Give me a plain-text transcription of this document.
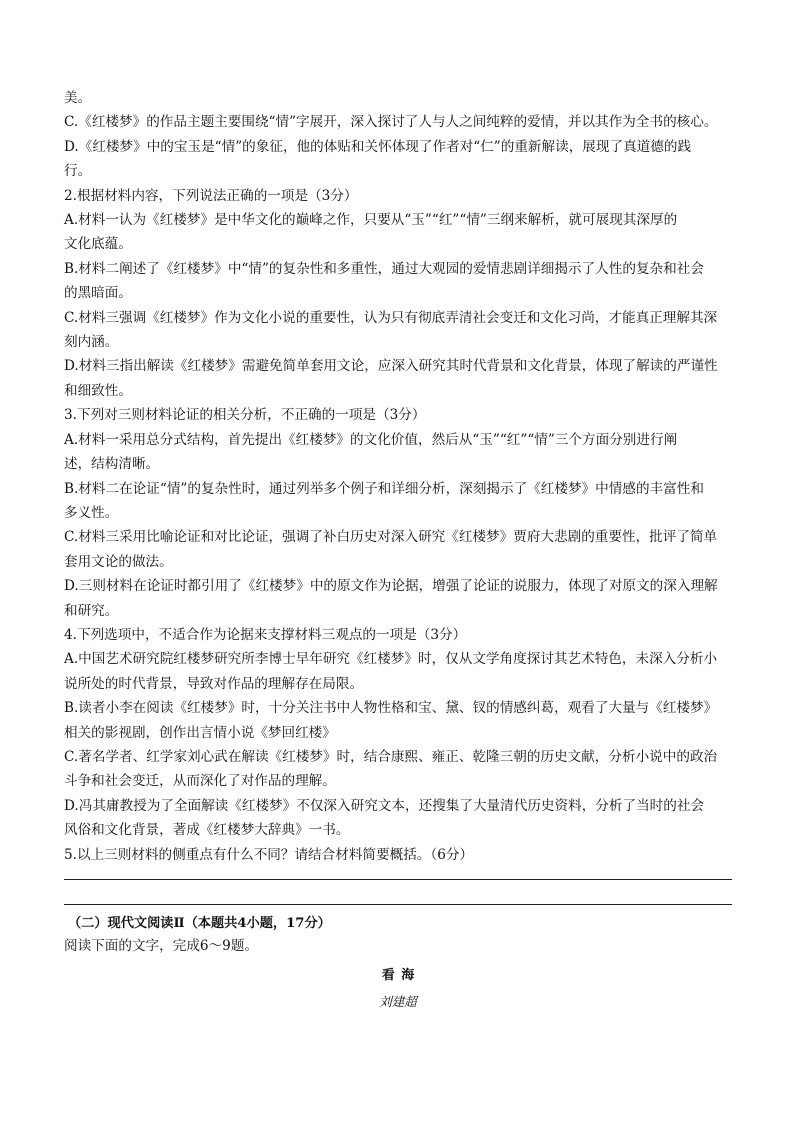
美。

C.《红楼梦》的作品主题主要围绕“情”字展开，深入探讨了人与人之间纯粹的爱情，并以其作为全书的核心。

D.《红楼梦》中的宝玉是“情”的象征，他的体贴和关怀体现了作者对“仁”的重新解读，展现了真道德的践

行。

2.根据材料内容，下列说法正确的一项是（3分）

A.材料一认为《红楼梦》是中华文化的巅峰之作，只要从“玉”“红”“情”三纲来解析，就可展现其深厚的

文化底蕴。

B.材料二阐述了《红楼梦》中“情”的复杂性和多重性，通过大观园的爱情悲剧详细揭示了人性的复杂和社会

的黑暗面。

C.材料三强调《红楼梦》作为文化小说的重要性，认为只有彻底弄清社会变迁和文化习尚，才能真正理解其深

刻内涵。

D.材料三指出解读《红楼梦》需避免简单套用文论，应深入研究其时代背景和文化背景，体现了解读的严谨性

和细致性。

3.下列对三则材料论证的相关分析，不正确的一项是（3分）

A.材料一采用总分式结构，首先提出《红楼梦》的文化价值，然后从“玉”“红”“情”三个方面分别进行阐

述，结构清晰。

B.材料二在论证“情”的复杂性时，通过列举多个例子和详细分析，深刻揭示了《红楼梦》中情感的丰富性和

多义性。

C.材料三采用比喻论证和对比论证，强调了补白历史对深入研究《红楼梦》贾府大悲剧的重要性，批评了简单

套用文论的做法。

D.三则材料在论证时都引用了《红楼梦》中的原文作为论据，增强了论证的说服力，体现了对原文的深入理解

和研究。

4.下列选项中，不适合作为论据来支撑材料三观点的一项是（3分）

A.中国艺术研究院红楼梦研究所李博士早年研究《红楼梦》时，仅从文学角度探讨其艺术特色，未深入分析小

说所处的时代背景，导致对作品的理解存在局限。

B.读者小李在阅读《红楼梦》时，十分关注书中人物性格和宝、黛、钗的情感纠葛，观看了大量与《红楼梦》

相关的影视剧，创作出言情小说《梦回红楼》

C.著名学者、红学家刘心武在解读《红楼梦》时，结合康熙、雍正、乾隆三朝的历史文献，分析小说中的政治

斗争和社会变迁，从而深化了对作品的理解。

D.冯其庸教授为了全面解读《红楼梦》不仅深入研究文本，还搜集了大量清代历史资料，分析了当时的社会

风俗和文化背景，著成《红楼梦大辞典》一书。

5.以上三则材料的侧重点有什么不同？请结合材料简要概括。（6分）

（二）现代文阅读Ⅱ（本题共4小题，17分）

阅读下面的文字，完成6～9题。

看海

刘建超
